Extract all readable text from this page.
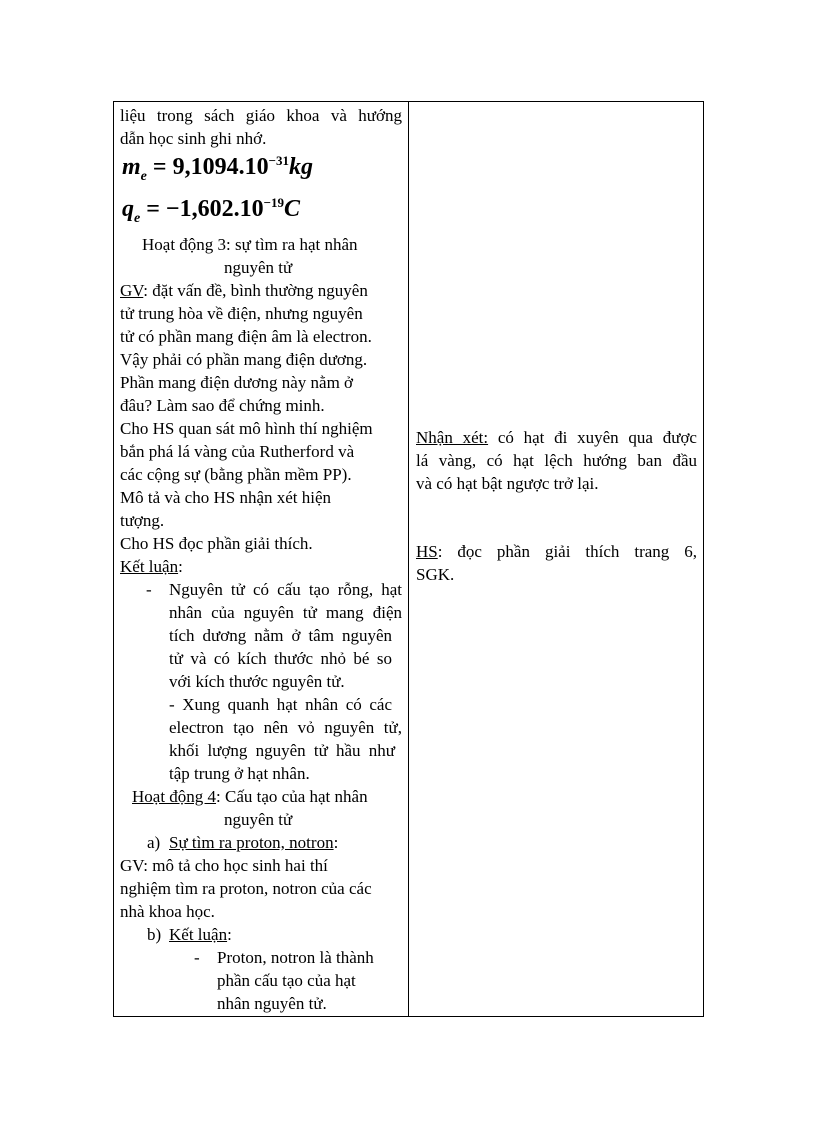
liệu trong sách giáo khoa và hướng
dẫn học sinh ghi nhớ.
$m_e = 9,1094.10^{-31}kg$
$q_e = -1,602.10^{-19}C$
Hoạt động 3: sự tìm ra hạt nhân
nguyên tử
GV: đặt vấn đề, bình thường nguyên
tử trung hòa về điện, nhưng nguyên
tử có phần mang điện âm là electron.
Vậy phải có phần mang điện dương.
Phần mang điện dương này nằm ở
đâu? Làm sao để chứng minh.
Cho HS quan sát mô hình thí nghiệm
bắn phá lá vàng của Rutherford và
các cộng sự (bằng phần mềm PP).
Mô tả và cho HS nhận xét hiện
tượng.
Cho HS đọc phần giải thích.
Kết luận:
- Nguyên tử có cấu tạo rỗng, hạt
nhân của nguyên tử mang điện
tích dương nằm ở tâm nguyên
tử và có kích thước nhỏ bé so
với kích thước nguyên tử.
- Xung quanh hạt nhân có các
electron tạo nên vỏ nguyên tử,
khối lượng nguyên tử hầu như
tập trung ở hạt nhân.
Hoạt động 4: Cấu tạo của hạt nhân
nguyên tử
a) Sự tìm ra proton, notron:
GV: mô tả cho học sinh hai thí
nghiệm tìm ra proton, notron của các
nhà khoa học.
b) Kết luận:
- Proton, notron là thành
phần cấu tạo của hạt
nhân nguyên tử.
Nhận xét: có hạt đi xuyên qua được
lá vàng, có hạt lệch hướng ban đầu
và có hạt bật ngược trở lại.
HS: đọc phần giải thích trang 6,
SGK.
